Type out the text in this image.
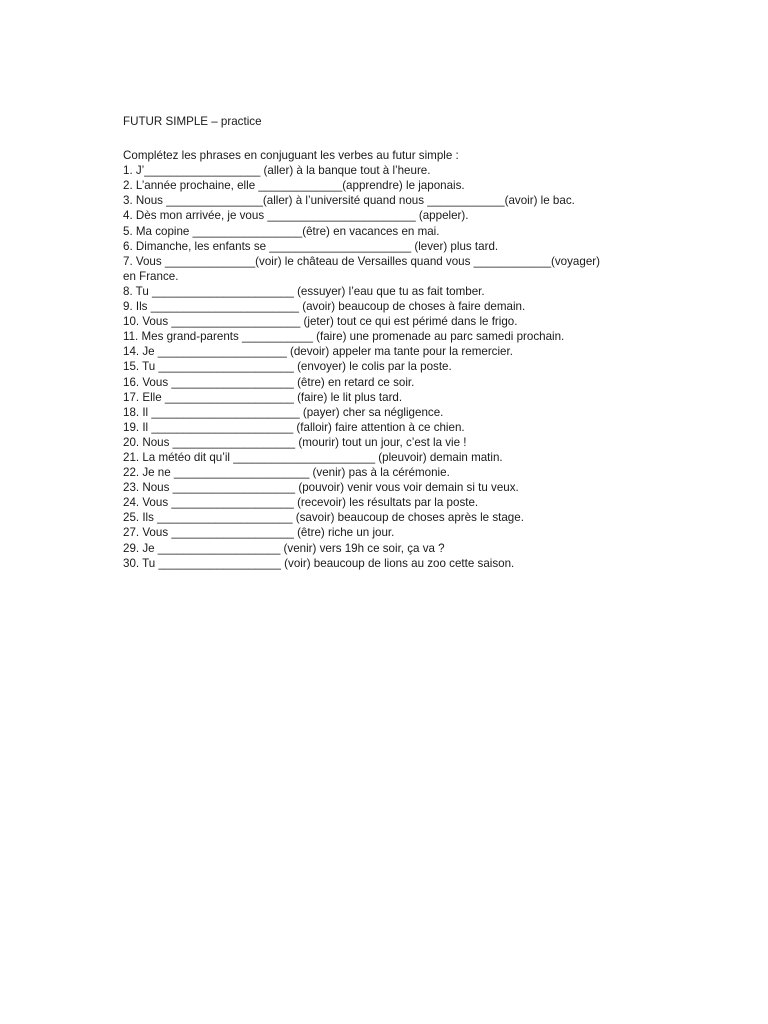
FUTUR SIMPLE – practice

Complétez les phrases en conjuguant les verbes au futur simple :

1. J’__________________ (aller) à la banque tout à l’heure.

2. L’année prochaine, elle _____________(apprendre) le japonais.

3. Nous _______________(aller) à l’université quand nous ____________(avoir) le bac.

4. Dès mon arrivée, je vous _______________________ (appeler).

5. Ma copine _________________(être) en vacances en mai.

6. Dimanche, les enfants se ______________________ (lever) plus tard.

7. Vous ______________(voir) le château de Versailles quand vous ____________(voyager)

en France.

8. Tu ______________________ (essuyer) l’eau que tu as fait tomber.

9. Ils _______________________ (avoir) beaucoup de choses à faire demain.

10. Vous ____________________ (jeter) tout ce qui est périmé dans le frigo.

11. Mes grand-parents ___________ (faire) une promenade au parc samedi prochain.

14. Je ____________________ (devoir) appeler ma tante pour la remercier.

15. Tu _____________________ (envoyer) le colis par la poste.

16. Vous ___________________ (être) en retard ce soir.

17. Elle ____________________ (faire) le lit plus tard.

18. Il _______________________ (payer) cher sa négligence.

19. Il ______________________ (falloir) faire attention à ce chien.

20. Nous ___________________ (mourir) tout un jour, c’est la vie !

21. La météo dit qu’il ______________________ (pleuvoir) demain matin.

22. Je ne _____________________ (venir) pas à la cérémonie.

23. Nous ___________________ (pouvoir) venir vous voir demain si tu veux.

24. Vous ___________________ (recevoir) les résultats par la poste.

25. Ils _____________________ (savoir) beaucoup de choses après le stage.

27. Vous ___________________ (être) riche un jour.

29. Je ___________________ (venir) vers 19h ce soir, ça va ?

30. Tu ___________________ (voir) beaucoup de lions au zoo cette saison.
